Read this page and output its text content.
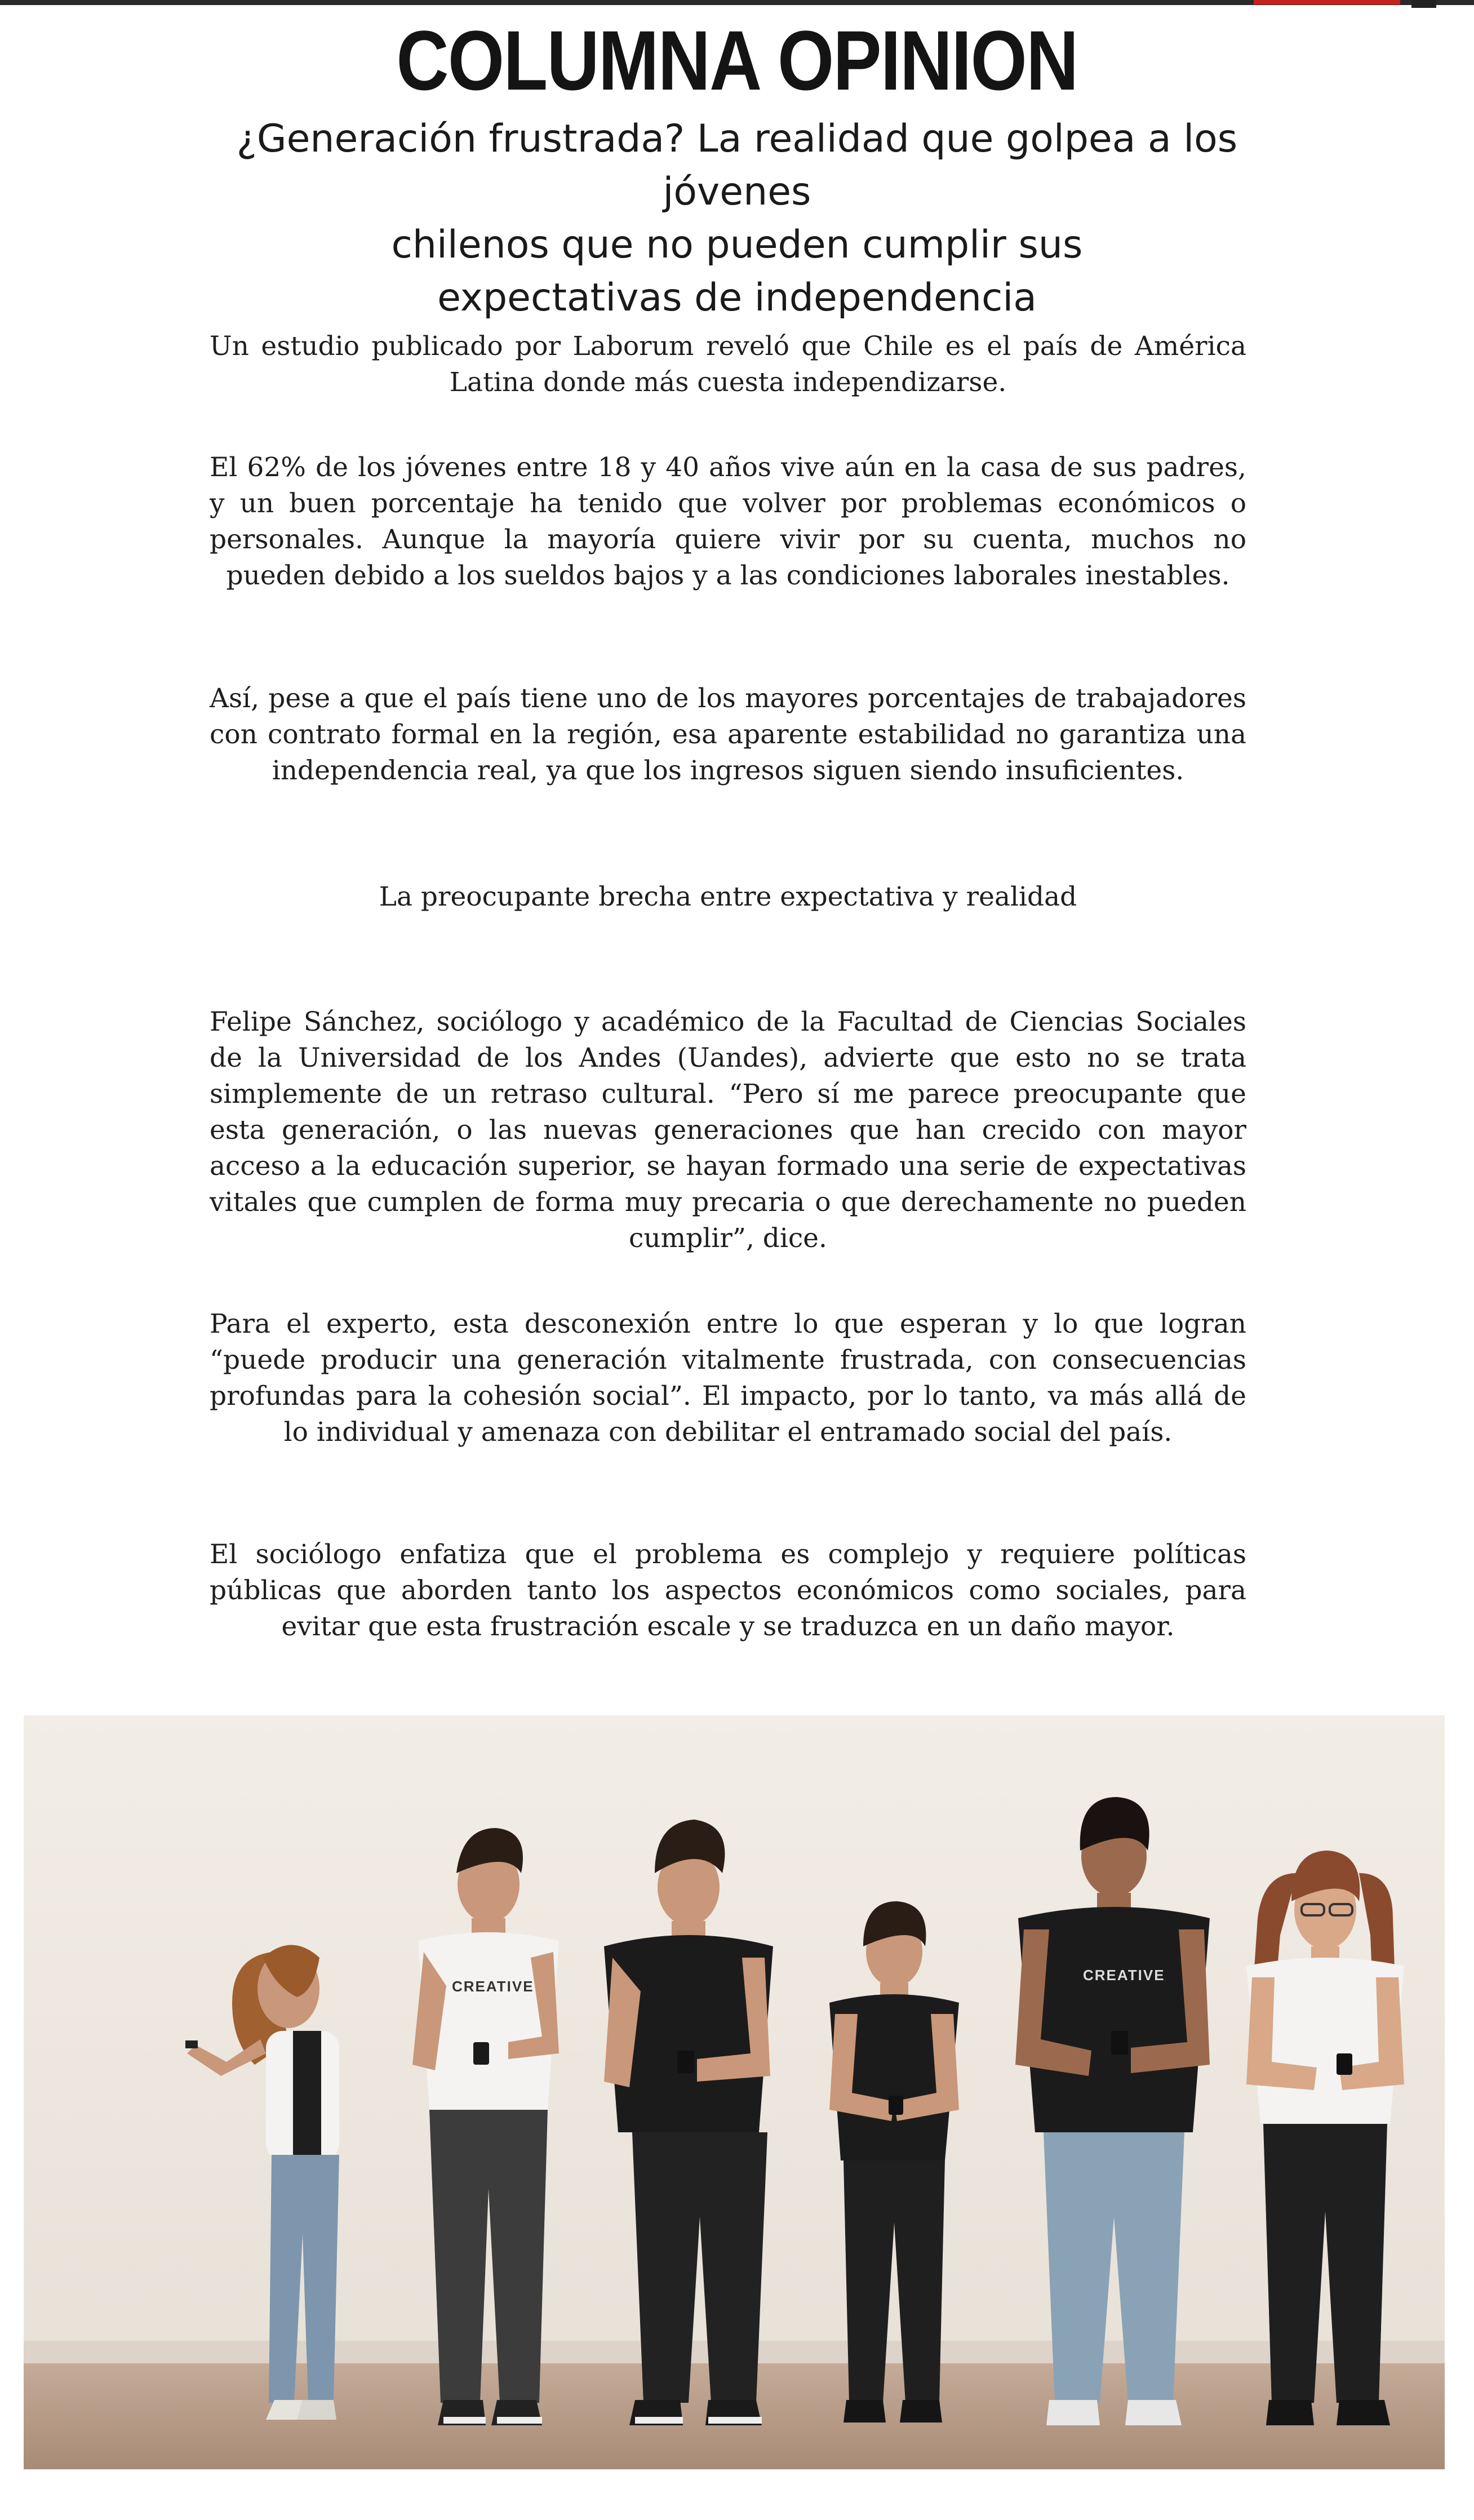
COLUMNA OPINION
¿Generación frustrada? La realidad que golpea a los jóvenes
chilenos que no pueden cumplir sus
expectativas de independencia
Un estudio publicado por Laborum reveló que Chile es el país de América Latina donde más cuesta independizarse.
El 62% de los jóvenes entre 18 y 40 años vive aún en la casa de sus padres, y un buen porcentaje ha tenido que volver por problemas económicos o personales. Aunque la mayoría quiere vivir por su cuenta, muchos no pueden debido a los sueldos bajos y a las condiciones laborales inestables.
Así, pese a que el país tiene uno de los mayores porcentajes de trabajadores con contrato formal en la región, esa aparente estabilidad no garantiza una independencia real, ya que los ingresos siguen siendo insuficientes.
La preocupante brecha entre expectativa y realidad
Felipe Sánchez, sociólogo y académico de la Facultad de Ciencias Sociales de la Universidad de los Andes (Uandes), advierte que esto no se trata simplemente de un retraso cultural. “Pero sí me parece preocupante que esta generación, o las nuevas generaciones que han crecido con mayor acceso a la educación superior, se hayan formado una serie de expectativas vitales que cumplen de forma muy precaria o que derechamente no pueden cumplir”, dice.
Para el experto, esta desconexión entre lo que esperan y lo que logran “puede producir una generación vitalmente frustrada, con consecuencias profundas para la cohesión social”. El impacto, por lo tanto, va más allá de lo individual y amenaza con debilitar el entramado social del país.
El sociólogo enfatiza que el problema es complejo y requiere políticas públicas que aborden tanto los aspectos económicos como sociales, para evitar que esta frustración escale y se traduzca en un daño mayor.
CREATIVE
CREATIVE
